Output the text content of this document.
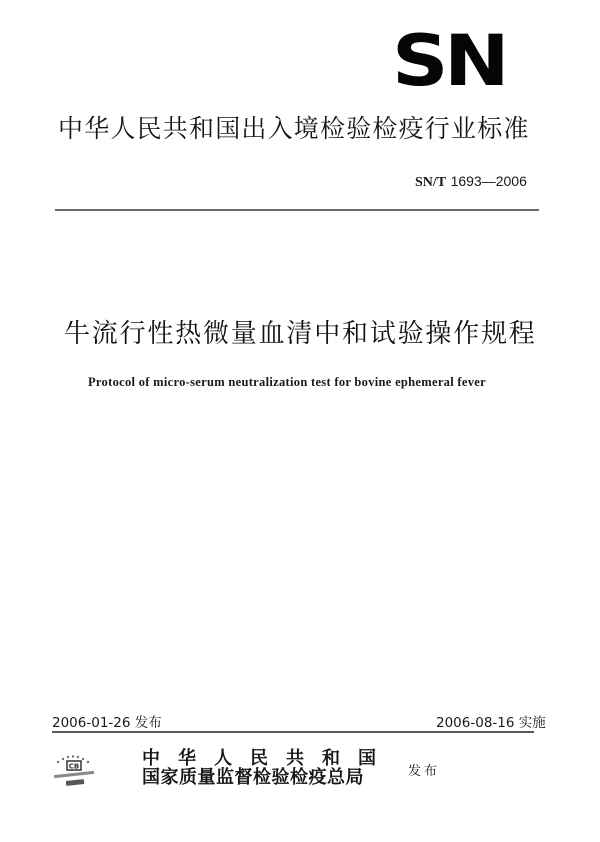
SN
中华人民共和国出入境检验检疫行业标准
SN/T 1693—2006
牛流行性热微量血清中和试验操作规程
Protocol of micro-serum neutralization test for bovine ephemeral fever
2006-01-26 发布	2006-08-16 实施
CB	中华人民共和国
国家质量监督检验检疫总局	发布
